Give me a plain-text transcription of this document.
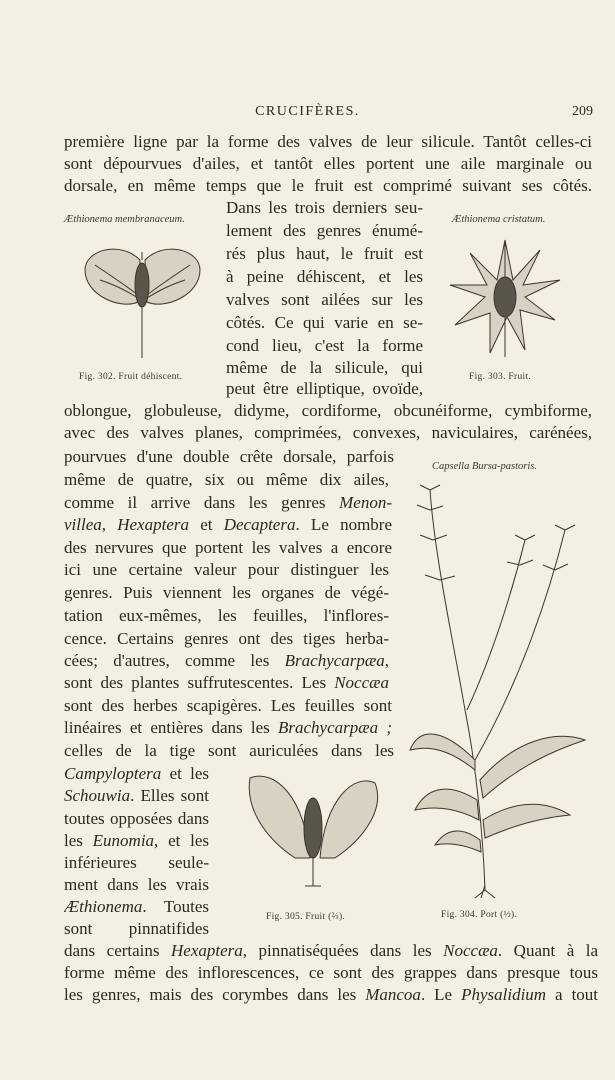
CRUCIFÈRES.	209
première ligne par la forme des valves de leur silicule. Tantôt celles-ci
sont dépourvues d'ailes, et tantôt elles portent une aile marginale ou
dorsale, en même temps que le fruit est comprimé suivant ses côtés.
Dans les trois derniers seu-
lement des genres énumé-
rés plus haut, le fruit est
à peine déhiscent, et les
valves sont ailées sur les
côtés. Ce qui varie en se-
cond lieu, c'est la forme
même de la silicule, qui
peut être elliptique, ovoïde,
oblongue, globuleuse, didyme, cordiforme, obcunéiforme, cymbiforme,
avec des valves planes, comprimées, convexes, naviculaires, carénées,
pourvues d'une double crête dorsale, parfois
même de quatre, six ou même dix ailes,
comme il arrive dans les genres Menon-
villea, Hexaptera et Decaptera. Le nombre
des nervures que portent les valves a encore
ici une certaine valeur pour distinguer les
genres. Puis viennent les organes de végé-
tation eux-mêmes, les feuilles, l'inflores-
cence. Certains genres ont des tiges herba-
cées; d'autres, comme les Brachycarpæa,
sont des plantes suffrutescentes. Les Noccæa
sont des herbes scapigères. Les feuilles sont
linéaires et entières dans les Brachycarpæa ;
celles de la tige sont auriculées dans les
Campyloptera et les
Schouwia. Elles sont
toutes opposées dans
les Eunomia, et les
inférieures seule-
ment dans les vrais
Æthionema. Toutes
sont pinnatifides
dans certains Hexaptera, pinnatiséquées dans les Noccæa. Quant à la
forme même des inflorescences, ce sont des grappes dans presque tous
les genres, mais des corymbes dans les Mancoa. Le Physalidium a tout
Æthionema membranaceum.
Fig. 302. Fruit déhiscent.
Æthionema cristatum.
Fig. 303. Fruit.
Capsella Bursa-pastoris.
Fig. 304. Port (½).
Fig. 305. Fruit (⅔).
